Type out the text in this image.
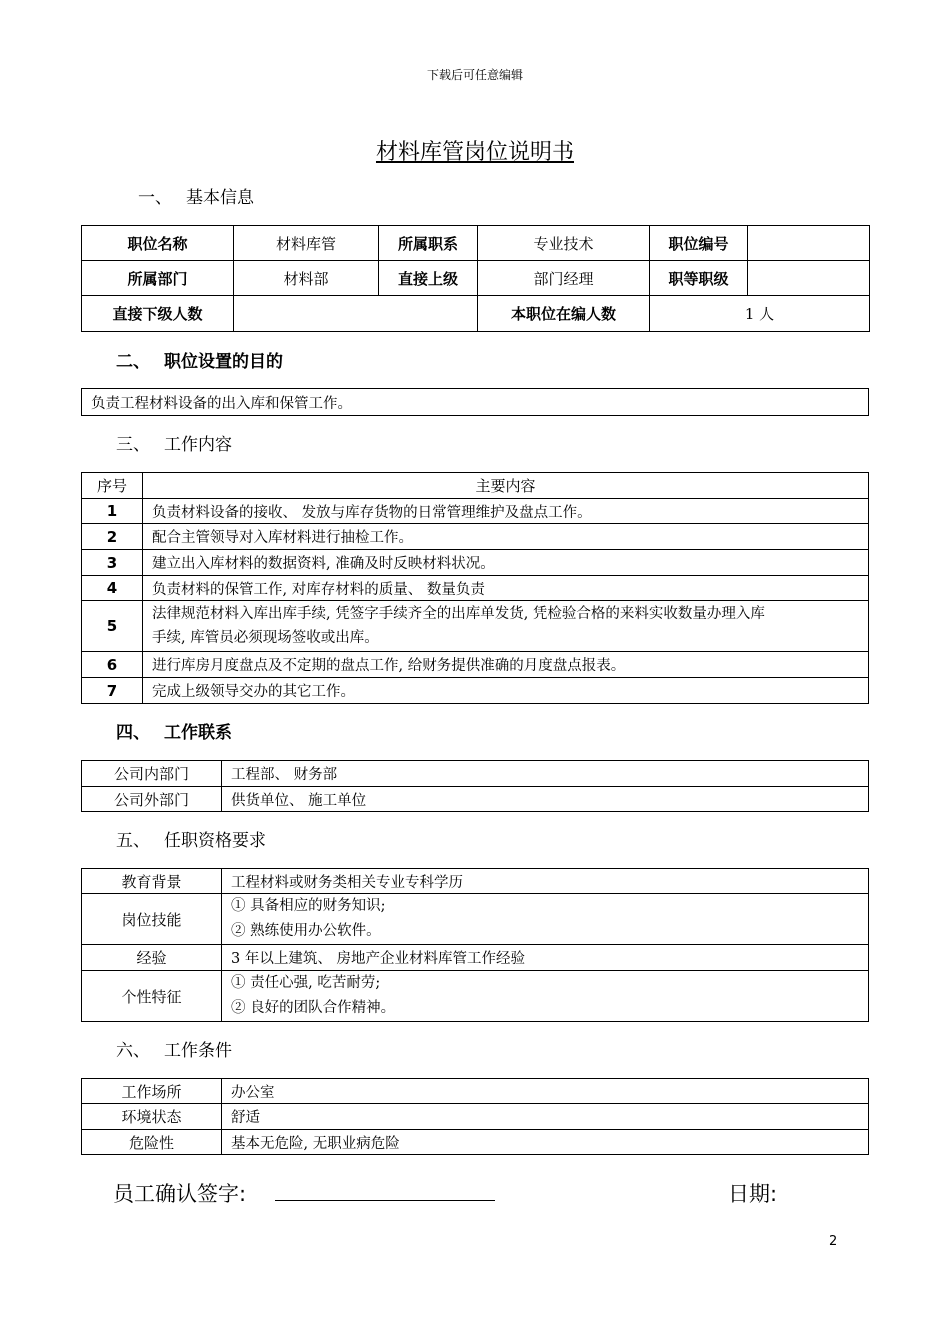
下载后可任意编辑
材料库管岗位说明书
一、 基本信息
职位名称	材料库管	所属职系	专业技术	职位编号	
所属部门	材料部	直接上级	部门经理	职等职级	
直接下级人数			本职位在编人数	1 人	
二、 职位设置的目的
负责工程材料设备的出入库和保管工作。
三、 工作内容
序号	主要内容
1	负责材料设备的接收、 发放与库存货物的日常管理维护及盘点工作。
2	配合主管领导对入库材料进行抽检工作。
3	建立出入库材料的数据资料, 准确及时反映材料状况。
4	负责材料的保管工作, 对库存材料的质量、 数量负责
5	法律规范材料入库出库手续, 凭签字手续齐全的出库单发货, 凭检验合格的来料实收数量办理入库
手续, 库管员必须现场签收或出库。

6	进行库房月度盘点及不定期的盘点工作, 给财务提供准确的月度盘点报表。
7	完成上级领导交办的其它工作。
四、 工作联系
公司内部门	工程部、 财务部
公司外部门	供货单位、 施工单位
五、 任职资格要求
教育背景	工程材料或财务类相关专业专科学历
岗位技能	① 具备相应的财务知识;
② 熟练使用办公软件。

经验	3 年以上建筑、 房地产企业材料库管工作经验
个性特征	① 责任心强, 吃苦耐劳;
② 良好的团队合作精神。
六、 工作条件
工作场所	办公室
环境状态	舒适
危险性	基本无危险, 无职业病危险
员工确认签字:	日期:
2
